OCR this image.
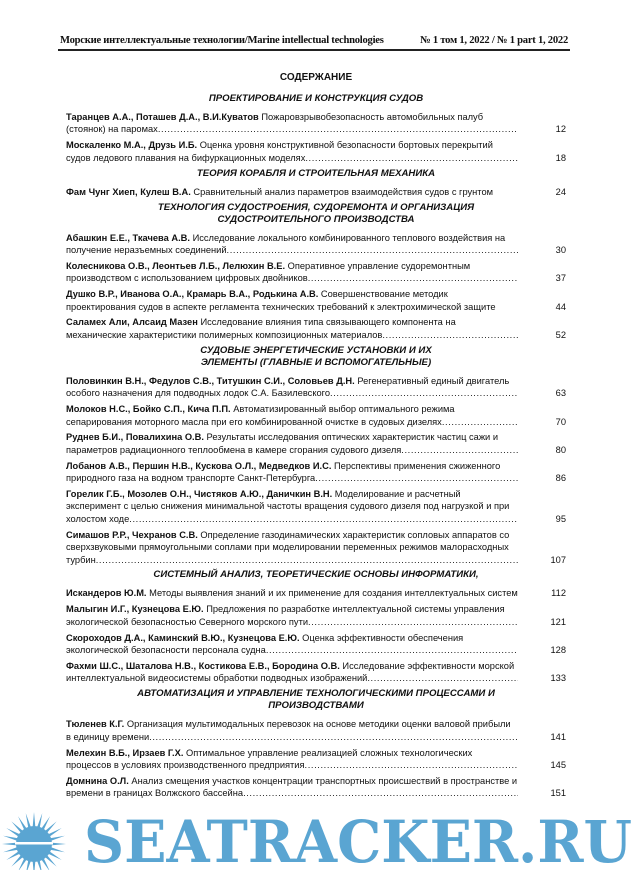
Морские интеллектуальные технологии/Marine intellectual technologies	№ 1 том 1, 2022 / № 1 part 1, 2022
СОДЕРЖАНИЕ
ПРОЕКТИРОВАНИЕ И КОНСТРУКЦИЯ СУДОВ
Таранцев А.А., Поташев Д.А., В.И.Куватов Пожаровзрывобезопасность автомобильных палуб (стоянок) на паромах .....	12
Москаленко М.А., Друзь И.Б. Оценка уровня конструктивной безопасности бортовых перекрытий судов ледового плавания на бифуркационных моделях .....	18
ТЕОРИЯ КОРАБЛЯ И СТРОИТЕЛЬНАЯ МЕХАНИКА
Фам Чунг Хиеп, Кулеш В.А. Сравнительный анализ параметров взаимодействия судов с грунтом	24
ТЕХНОЛОГИЯ СУДОСТРОЕНИЯ, СУДОРЕМОНТА И ОРГАНИЗАЦИЯ СУДОСТРОИТЕЛЬНОГО ПРОИЗВОДСТВА
Абашкин Е.Е., Ткачева А.В. Исследование локального комбинированного теплового воздействия на получение неразъемных соединений .....	30
Колесникова О.В., Леонтьев Л.Б., Лелюхин В.Е. Оперативное управление судоремонтным производством с использованием цифровых двойников .....	37
Душко В.Р., Иванова О.А., Крамарь В.А., Родькина А.В. Совершенствование методик проектирования судов в аспекте регламента технических требований к электрохимической защите	44
Саламех Али, Алсаид Мазен Исследование влияния типа связывающего компонента на механические характеристики полимерных композиционных материалов .....	52
СУДОВЫЕ ЭНЕРГЕТИЧЕСКИЕ УСТАНОВКИ И ИХ ЭЛЕМЕНТЫ (ГЛАВНЫЕ И ВСПОМОГАТЕЛЬНЫЕ)
Половинкин В.Н., Федулов С.В., Титушкин С.И., Соловьев Д.Н. Регенеративный единый двигатель особого назначения для подводных лодок С.А. Базилевского .....	63
Молоков Н.С., Бойко С.П., Кича П.П. Автоматизированный выбор оптимального режима сепарирования моторного масла при его комбинированной очистке в судовых дизелях .....	70
Руднев Б.И., Повалихина О.В. Результаты исследования оптических характеристик частиц сажи и параметров радиационного теплообмена в камере сгорания судового дизеля .....	80
Лобанов А.В., Першин Н.В., Кускова О.Л., Медведков И.С. Перспективы применения сжиженного природного газа на водном транспорте Санкт-Петербурга .....	86
Горелик Г.Б., Мозолев О.Н., Чистяков А.Ю., Даничкин В.Н. Моделирование и расчетный эксперимент с целью снижения минимальной частоты вращения судового дизеля под нагрузкой и при холостом ходе .....	95
Симашов Р.Р., Чехранов С.В. Определение газодинамических характеристик сопловых аппаратов со сверхзвуковыми прямоугольными соплами при моделировании переменных режимов малорасходных турбин .....	107
СИСТЕМНЫЙ АНАЛИЗ, ТЕОРЕТИЧЕСКИЕ ОСНОВЫ ИНФОРМАТИКИ,
Искандеров Ю.М. Методы выявления знаний и их применение для создания интеллектуальных систем .....	112
Малыгин И.Г., Кузнецова Е.Ю. Предложения по разработке интеллектуальной системы управления экологической безопасностью Северного морского пути .....	121
Скороходов Д.А., Каминский В.Ю., Кузнецова Е.Ю. Оценка эффективности обеспечения экологической безопасности персонала судна .....	128
Фахми Ш.С., Шаталова Н.В., Костикова Е.В., Бородина О.В. Исследование эффективности морской интеллектуальной видеосистемы обработки подводных изображений .....	133
АВТОМАТИЗАЦИЯ И УПРАВЛЕНИЕ ТЕХНОЛОГИЧЕСКИМИ ПРОЦЕССАМИ И ПРОИЗВОДСТВАМИ
Тюленев К.Г. Организация мультимодальных перевозок на основе методики оценки валовой прибыли в единицу времени .....	141
Мелехин В.Б., Ирзаев Г.Х. Оптимальное управление реализацией сложных технологических процессов в условиях производственного предприятия .....	145
Домнина О.Л. Анализ смещения участков концентрации транспортных происшествий в пространстве и времени в границах Волжского бассейна .....	151
SEATRACKER.RU
